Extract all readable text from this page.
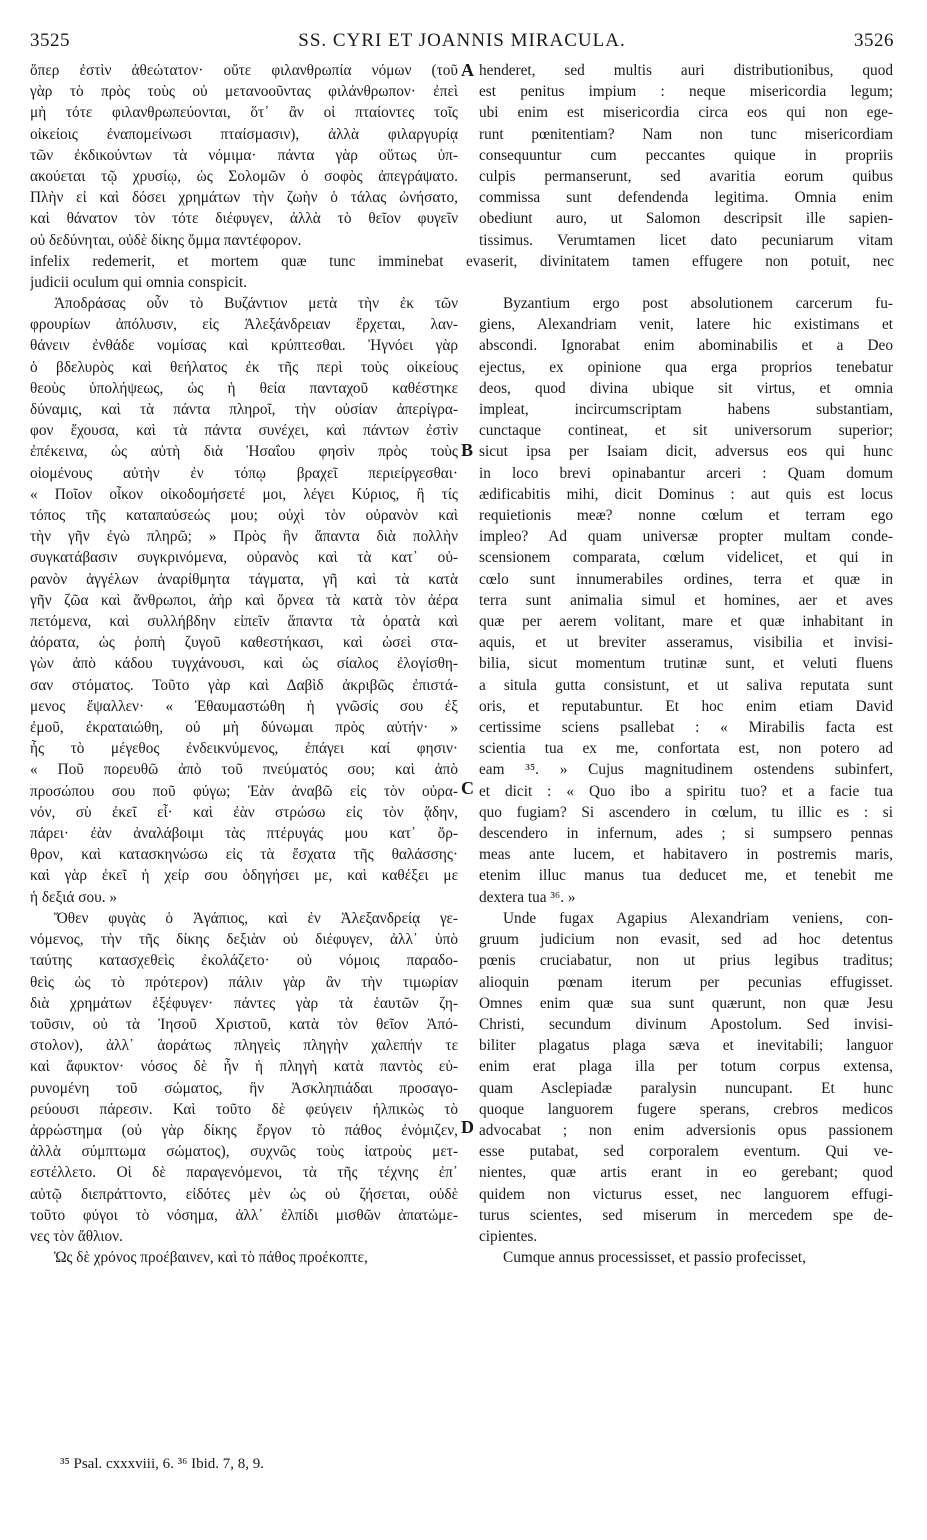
3525	SS. CYRI ET JOANNIS MIRACULA.	3526
ὅπερ ἐστὶν ἀθεώτατον· οὔτε φιλανθρωπία νόμων (τοῦ
γὰρ τὸ πρὸς τοὺς οὐ μετανοοῦντας φιλάνθρωπον· ἐπεὶ
μὴ τότε φιλανθρωπεύονται, ὅτ᾿ ἂν οἱ πταίοντες τοῖς
οἰκείοις ἐναπομείνωσι πταίσμασιν), ἀλλὰ φιλαργυρίᾳ
τῶν ἐκδικούντων τὰ νόμιμα· πάντα γὰρ οὕτως ὑπ-
ακούεται τῷ χρυσίῳ, ὡς Σολομῶν ὁ σοφὸς ἀπεγράψατο.
Πλὴν εἰ καὶ δόσει χρημάτων τὴν ζωὴν ὁ τάλας ὠνήσατο,
καὶ θάνατον τὸν τότε διέφυγεν, ἀλλὰ τὸ θεῖον φυγεῖν
οὐ δεδύνηται, οὐδὲ δίκης ὄμμα παντέφορον.
henderet, sed multis auri distributionibus, quod
est penitus impium : neque misericordia legum;
ubi enim est misericordia circa eos qui non ege-
runt pœnitentiam? Nam non tunc misericordiam
consequuntur cum peccantes quique in propriis
culpis permanserunt, sed avaritia eorum quibus
commissa sunt defendenda legitima. Omnia enim
obediunt auro, ut Salomon descripsit ille sapien-
tissimus. Verumtamen licet dato pecuniarum vitam
infelix redemerit, et mortem quæ tunc imminebat evaserit, divinitatem tamen effugere non potuit, nec
judicii oculum qui omnia conspicit.
Ἀποδράσας οὖν τὸ Βυζάντιον μετὰ τὴν ἐκ τῶν
φρουρίων ἀπόλυσιν, εἰς Ἀλεξάνδρειαν ἔρχεται, λαν-
θάνειν ἐνθάδε νομίσας καὶ κρύπτεσθαι. Ἠγνόει γὰρ
ὁ βδελυρὸς καὶ θεήλατος ἐκ τῆς περὶ τοὺς οἰκείους
θεοὺς ὑπολήψεως, ὡς ἡ θεία πανταχοῦ καθέστηκε
δύναμις, καὶ τὰ πάντα πληροῖ, τὴν οὐσίαν ἀπερίγρα-
φον ἔχουσα, καὶ τὰ πάντα συνέχει, καὶ πάντων ἐστὶν
ἐπέκεινα, ὡς αὐτὴ διὰ Ἡσαΐου φησὶν πρὸς τοὺς
οἰομένους αὐτὴν ἐν τόπῳ βραχεῖ περιείργεσθαι·
« Ποῖον οἶκον οἰκοδομήσετέ μοι, λέγει Κύριος, ἢ τίς
τόπος τῆς καταπαύσεώς μου; οὐχὶ τὸν οὐρανὸν καὶ
τὴν γῆν ἐγὼ πληρῶ; » Πρὸς ἣν ἅπαντα διὰ πολλὴν
συγκατάβασιν συγκρινόμενα, οὐρανὸς καὶ τὰ κατ᾿ οὐ-
ρανὸν ἀγγέλων ἀναρίθμητα τάγματα, γῆ καὶ τὰ κατὰ
γῆν ζῶα καὶ ἄνθρωποι, ἀὴρ καὶ ὄρνεα τὰ κατὰ τὸν ἀέρα
πετόμενα, καὶ συλλήβδην εἰπεῖν ἅπαντα τὰ ὁρατὰ καὶ
ἀόρατα, ὡς ῥοπὴ ζυγοῦ καθεστήκασι, καὶ ὡσεὶ στα-
γὼν ἀπὸ κάδου τυγχάνουσι, καὶ ὡς σίαλος ἐλογίσθη-
σαν στόματος. Τοῦτο γὰρ καὶ Δαβὶδ ἀκριβῶς ἐπιστά-
μενος ἔψαλλεν· « Ἐθαυμαστώθη ἡ γνῶσίς σου ἐξ
ἐμοῦ, ἐκραταιώθη, οὐ μὴ δύνωμαι πρὸς αὐτήν· »
ἧς τὸ μέγεθος ἐνδεικνύμενος, ἐπάγει καί φησιν·
« Ποῦ πορευθῶ ἀπὸ τοῦ πνεύματός σου; καὶ ἀπὸ
προσώπου σου ποῦ φύγω; Ἐὰν ἀναβῶ εἰς τὸν οὐρα-
νόν, σὺ ἐκεῖ εἶ· καὶ ἐὰν στρώσω εἰς τὸν ᾅδην,
πάρει· ἐὰν ἀναλάβοιμι τὰς πτέρυγάς μου κατ᾿ ὄρ-
θρον, καὶ κατασκηνώσω εἰς τὰ ἔσχατα τῆς θαλάσσης·
καὶ γὰρ ἐκεῖ ἡ χείρ σου ὁδηγήσει με, καὶ καθέξει με
ἡ δεξιά σου. »
Ὅθεν φυγὰς ὁ Ἀγάπιος, καὶ ἐν Ἀλεξανδρείᾳ γε-
νόμενος, τὴν τῆς δίκης δεξιὰν οὐ διέφυγεν, ἀλλ᾿ ὑπὸ
ταύτης κατασχεθεὶς ἐκολάζετο· οὐ νόμοις παραδο-
θεὶς ὡς τὸ πρότερον) πάλιν γὰρ ἂν τὴν τιμωρίαν
διὰ χρημάτων ἐξέφυγεν· πάντες γὰρ τὰ ἑαυτῶν ζη-
τοῦσιν, οὐ τὰ Ἰησοῦ Χριστοῦ, κατὰ τὸν θεῖον Ἀπό-
στολον), ἀλλ᾿ ἀοράτως πληγεὶς πληγὴν χαλεπήν τε
καὶ ἄφυκτον· νόσος δὲ ἦν ἡ πληγὴ κατὰ παντὸς εὐ-
ρυνομένη τοῦ σώματος, ἣν Ἀσκληπιάδαι προσαγο-
ρεύουσι πάρεσιν. Καὶ τοῦτο δὲ φεύγειν ἠλπικὼς τὸ
ἀρρώστημα (οὐ γὰρ δίκης ἔργον τὸ πάθος ἐνόμιζεν,
ἀλλὰ σύμπτωμα σώματος), συχνῶς τοὺς ἰατροὺς μετ-
εστέλλετο. Οἱ δὲ παραγενόμενοι, τὰ τῆς τέχνης ἐπ᾿
αὐτῷ διεπράττοντο, εἰδότες μὲν ὡς οὐ ζήσεται, οὐδὲ
τοῦτο φύγοι τὸ νόσημα, ἀλλ᾿ ἐλπίδι μισθῶν ἀπατώμε-
νες τὸν ἄθλιον.
Ὡς δὲ χρόνος προέβαινεν, καὶ τὸ πάθος προέκοπτε,
Byzantium ergo post absolutionem carcerum fu-
giens, Alexandriam venit, latere hic existimans et
abscondi. Ignorabat enim abominabilis et a Deo
ejectus, ex opinione qua erga proprios tenebatur
deos, quod divina ubique sit virtus, et omnia
impleat, incircumscriptam habens substantiam,
cunctaque contineat, et sit universorum superior;
sicut ipsa per Isaiam dicit, adversus eos qui hunc
in loco brevi opinabantur arceri : Quam domum
ædificabitis mihi, dicit Dominus : aut quis est locus
requietionis meæ? nonne cœlum et terram ego
impleo? Ad quam universæ propter multam conde-
scensionem comparata, cœlum videlicet, et qui in
cœlo sunt innumerabiles ordines, terra et quæ in
terra sunt animalia simul et homines, aer et aves
quæ per aerem volitant, mare et quæ inhabitant in
aquis, et ut breviter asseramus, visibilia et invisi-
bilia, sicut momentum trutinæ sunt, et veluti fluens
a situla gutta consistunt, et ut saliva reputata sunt
oris, et reputabuntur. Et hoc enim etiam David
certissime sciens psallebat : « Mirabilis facta est
scientia tua ex me, confortata est, non potero ad
eam ³⁵. » Cujus magnitudinem ostendens subinfert,
et dicit : « Quo ibo a spiritu tuo? et a facie tua
quo fugiam? Si ascendero in cœlum, tu illic es : si
descendero in infernum, ades ; si sumpsero pennas
meas ante lucem, et habitavero in postremis maris,
etenim illuc manus tua deducet me, et tenebit me
dextera tua ³⁶. »
Unde fugax Agapius Alexandriam veniens, con-
gruum judicium non evasit, sed ad hoc detentus
pœnis cruciabatur, non ut prius legibus traditus;
alioquin pœnam iterum per pecunias effugisset.
Omnes enim quæ sua sunt quærunt, non quæ Jesu
Christi, secundum divinum Apostolum. Sed invisi-
biliter plagatus plaga sæva et inevitabili; languor
enim erat plaga illa per totum corpus extensa,
quam Asclepiadæ paralysin nuncupant. Et hunc
quoque languorem fugere sperans, crebros medicos
advocabat ; non enim adversionis opus passionem
esse putabat, sed corporalem eventum. Qui ve-
nientes, quæ artis erant in eo gerebant; quod
quidem non victurus esset, nec languorem effugi-
turus scientes, sed miserum in mercedem spe de-
cipientes.
Cumque annus processisset, et passio profecisset,
A
B
C
D
³⁵ Psal. cxxxviii, 6. ³⁶ Ibid. 7, 8, 9.
